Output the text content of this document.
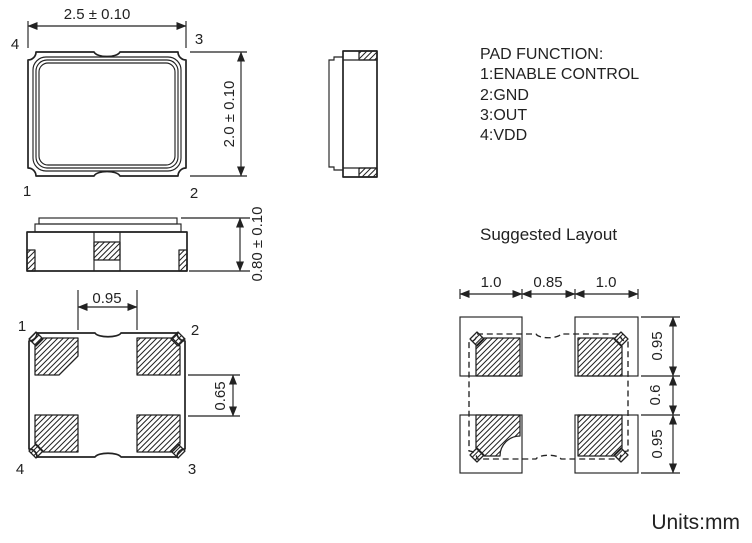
2.5 ± 0.10
2.0 ± 0.10
4	3
1	2
0.80 ± 0.10
0.95
0.65
1	2
4	3
Suggested Layout
1.0 0.85 1.0
0.95
0.6
0.95
PAD FUNCTION:
1:ENABLE CONTROL
2:GND
3:OUT
4:VDD
Units:mm
